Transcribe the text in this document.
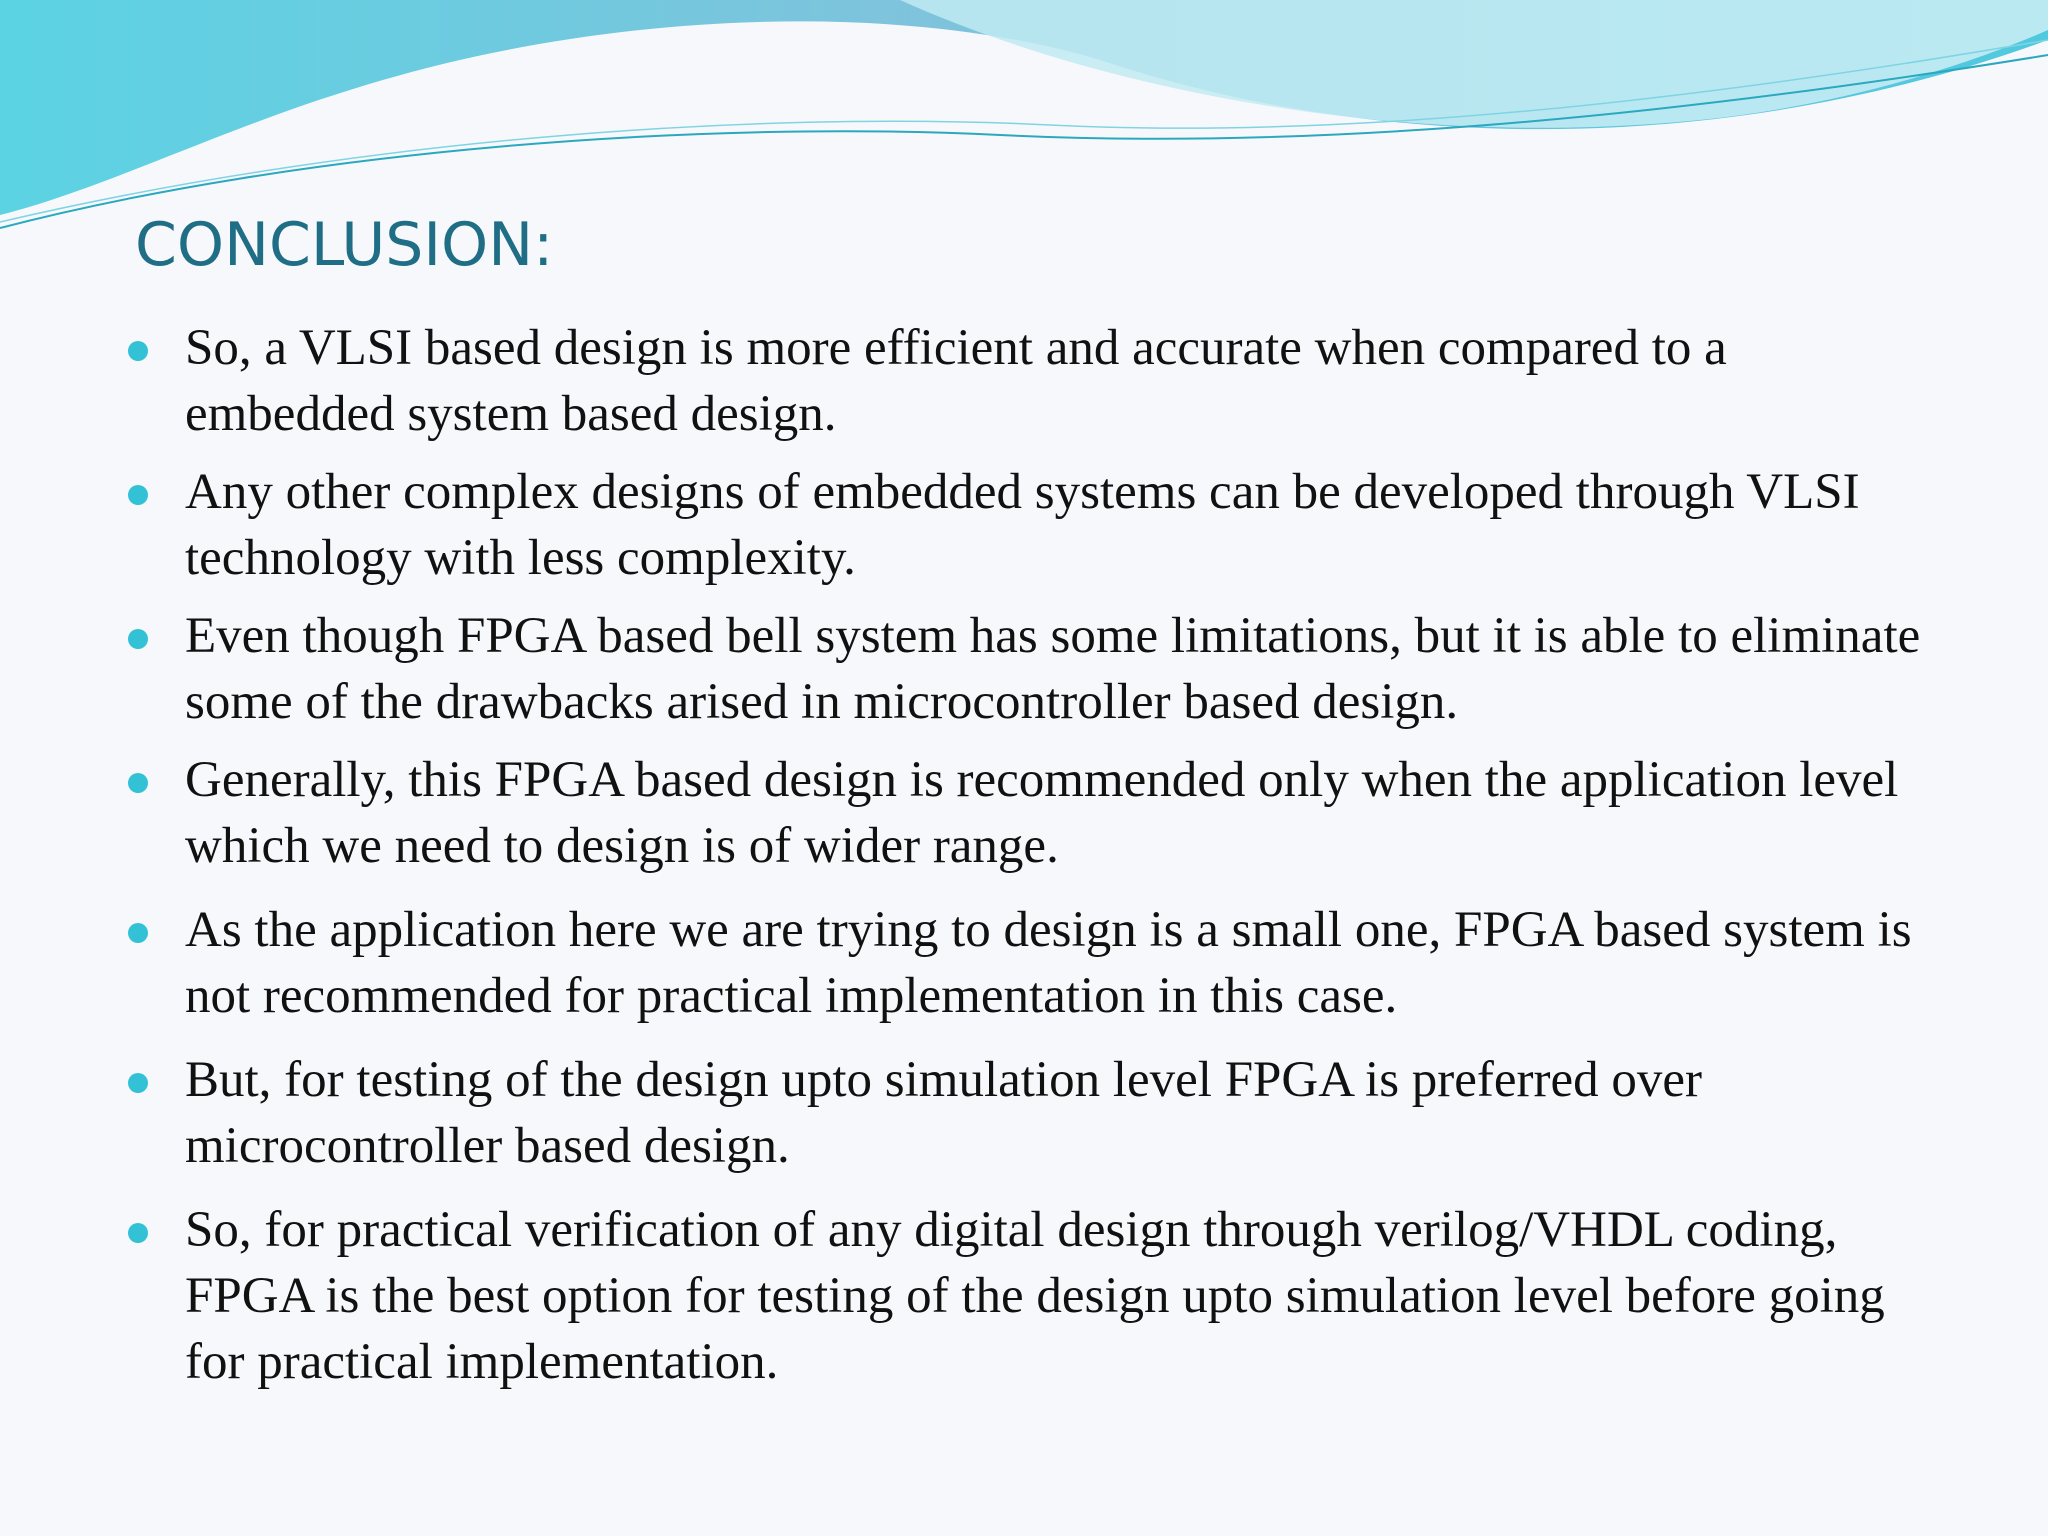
CONCLUSION:
So, a VLSI based design is more efficient and accurate when compared to a embedded system based design.
Any other complex designs of embedded systems can be developed through VLSI technology with less complexity.
Even though FPGA based bell system has some limitations, but it is able to eliminate some of the drawbacks arised in microcontroller based design.
Generally, this FPGA based design is recommended only when the application level which we need to design is of wider range.
As the application here we are trying to design is a small one, FPGA based system is not recommended for practical implementation in this case.
But, for testing of the design upto simulation level FPGA is preferred over microcontroller based design.
So, for practical verification of any digital design through verilog/VHDL coding, FPGA is the best option for testing of the design upto simulation level before going for practical implementation.
